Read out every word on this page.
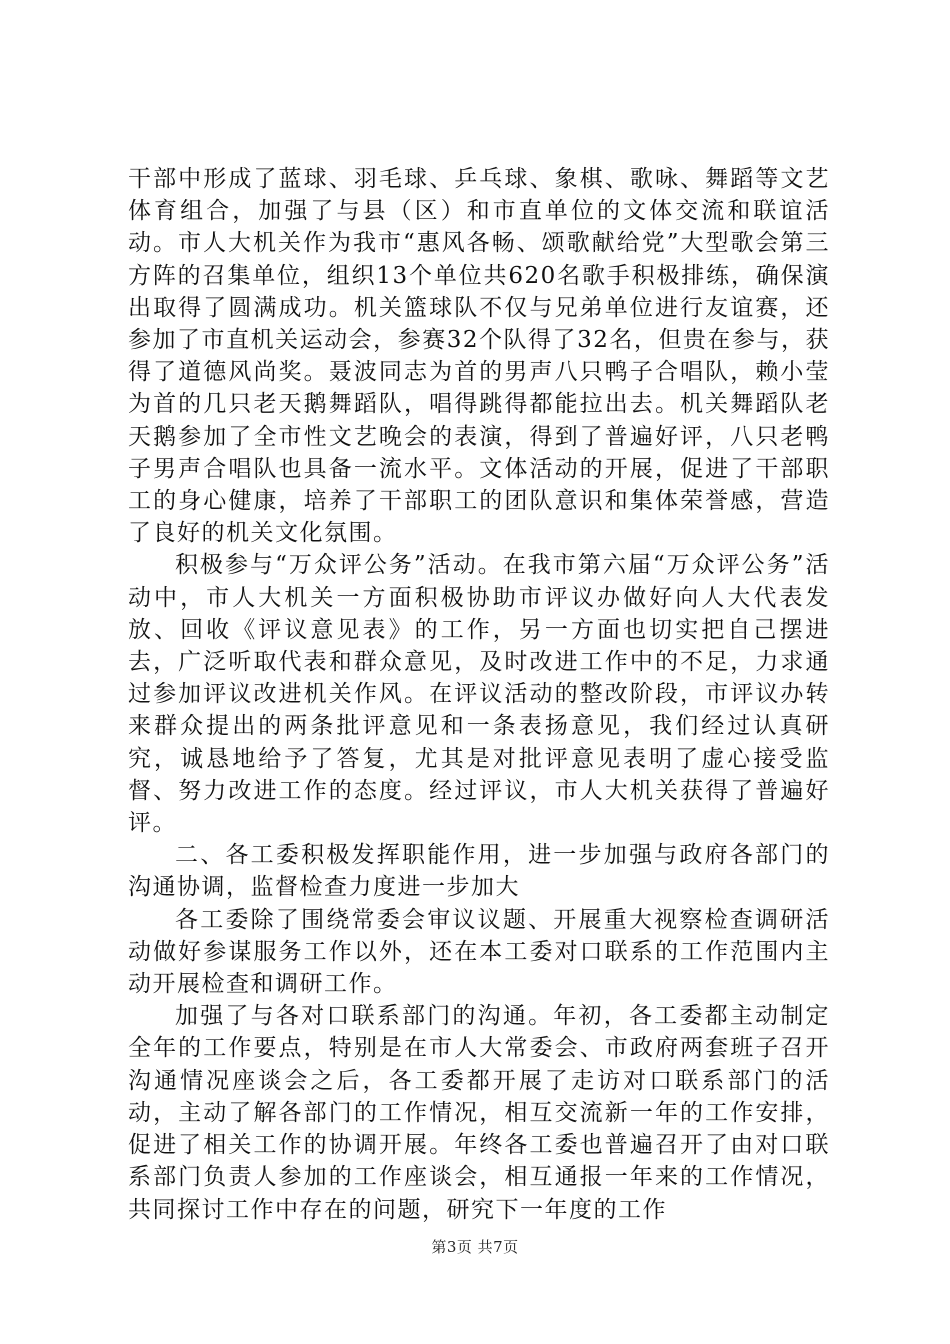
干部中形成了蓝球、羽毛球、乒乓球、象棋、歌咏、舞蹈等文艺体育组合，加强了与县（区）和市直单位的文体交流和联谊活动。市人大机关作为我市“惠风各畅、颂歌献给党”大型歌会第三方阵的召集单位，组织13个单位共620名歌手积极排练，确保演出取得了圆满成功。机关篮球队不仅与兄弟单位进行友谊赛，还参加了市直机关运动会，参赛32个队得了32名，但贵在参与，获得了道德风尚奖。聂波同志为首的男声八只鸭子合唱队，赖小莹为首的几只老天鹅舞蹈队，唱得跳得都能拉出去。机关舞蹈队老天鹅参加了全市性文艺晚会的表演，得到了普遍好评，八只老鸭子男声合唱队也具备一流水平。文体活动的开展，促进了干部职工的身心健康，培养了干部职工的团队意识和集体荣誉感，营造了良好的机关文化氛围。

积极参与“万众评公务”活动。在我市第六届“万众评公务”活动中，市人大机关一方面积极协助市评议办做好向人大代表发放、回收《评议意见表》的工作，另一方面也切实把自己摆进去，广泛听取代表和群众意见，及时改进工作中的不足，力求通过参加评议改进机关作风。在评议活动的整改阶段，市评议办转来群众提出的两条批评意见和一条表扬意见，我们经过认真研究，诚恳地给予了答复，尤其是对批评意见表明了虚心接受监督、努力改进工作的态度。经过评议，市人大机关获得了普遍好评。

二、各工委积极发挥职能作用，进一步加强与政府各部门的沟通协调，监督检查力度进一步加大

各工委除了围绕常委会审议议题、开展重大视察检查调研活动做好参谋服务工作以外，还在本工委对口联系的工作范围内主动开展检查和调研工作。

加强了与各对口联系部门的沟通。年初，各工委都主动制定全年的工作要点，特别是在市人大常委会、市政府两套班子召开沟通情况座谈会之后，各工委都开展了走访对口联系部门的活动，主动了解各部门的工作情况，相互交流新一年的工作安排，促进了相关工作的协调开展。年终各工委也普遍召开了由对口联系部门负责人参加的工作座谈会，相互通报一年来的工作情况，共同探讨工作中存在的问题，研究下一年度的工作

第3页 共7页
